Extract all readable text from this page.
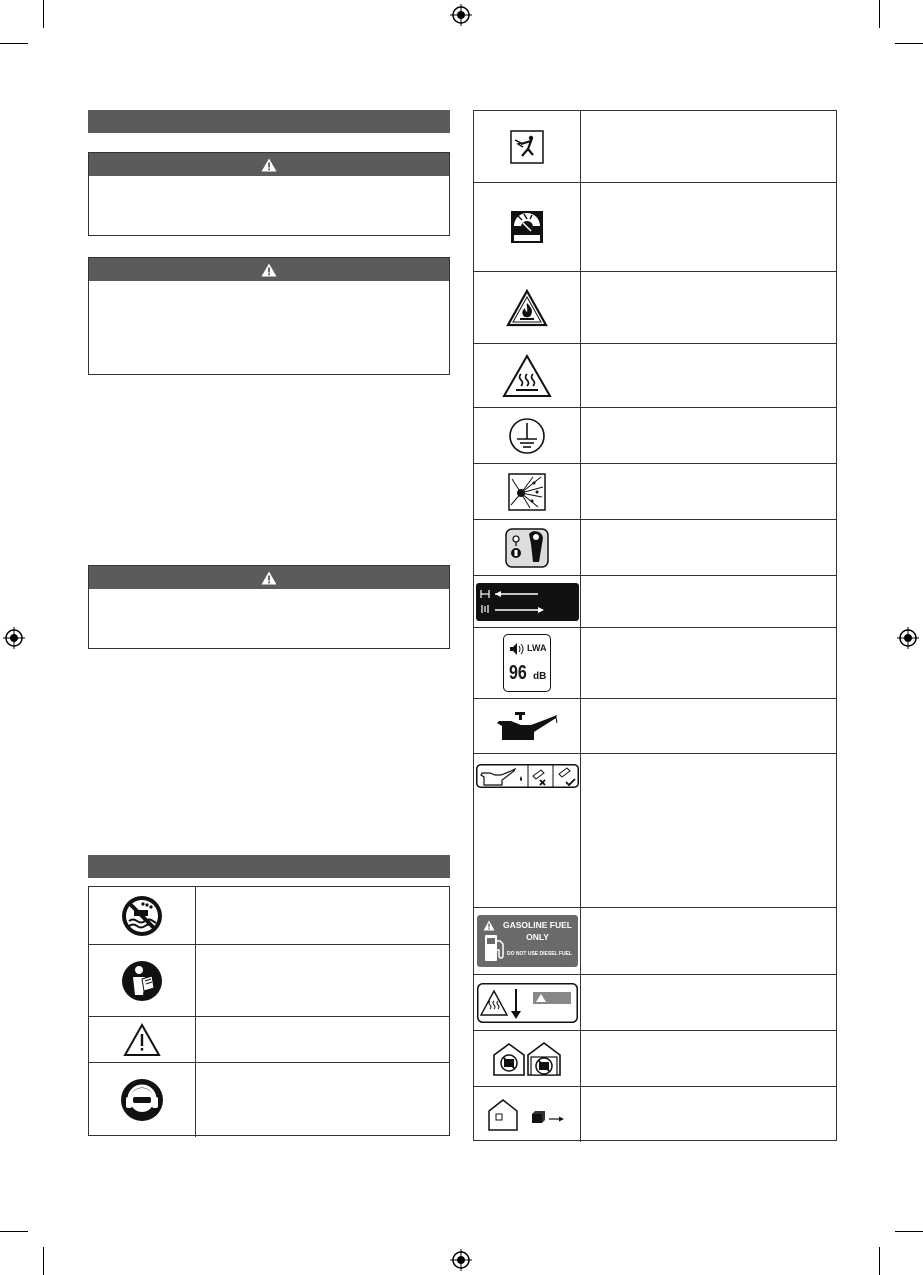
LWA
96 dB
GASOLINE FUEL
ONLY
DO NOT USE DIESEL FUEL
